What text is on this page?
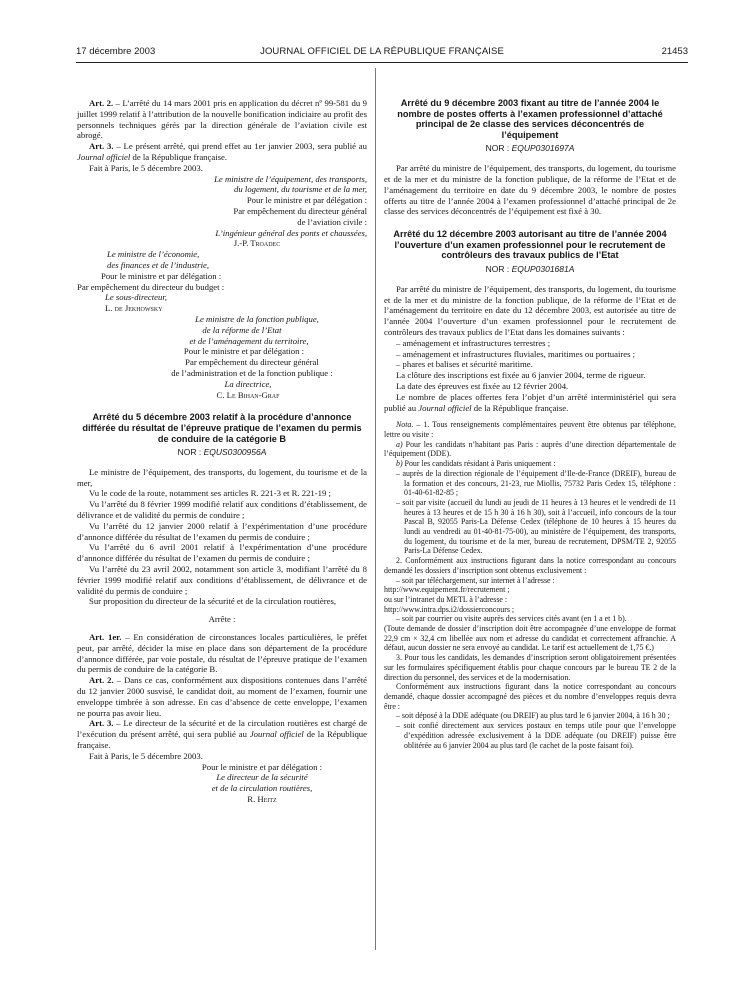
17 décembre 2003	JOURNAL OFFICIEL DE LA RÉPUBLIQUE FRANÇAISE	21453

Art. 2. – L’arrêté du 14 mars 2001 pris en application du décret nº 99-581 du 9 juillet 1999 relatif à l’attribution de la nouvelle bonification indiciaire au profit des personnels techniques gérés par la direction générale de l’aviation civile est abrogé.

Art. 3. – Le présent arrêté, qui prend effet au 1er janvier 2003, sera publié au Journal officiel de la République française.

Fait à Paris, le 5 décembre 2003.

Le ministre de l’équipement, des transports,
du logement, du tourisme et de la mer,
Pour le ministre et par délégation :
Par empêchement du directeur général
de l’aviation civile :
L’ingénieur général des ponts et chaussées,
J.-P. Troadec
Le ministre de l’économie,
des finances et de l’industrie,
Pour le ministre et par délégation :
Par empêchement du directeur du budget :
Le sous-directeur,
L. de Jekhowsky
Le ministre de la fonction publique,
de la réforme de l’Etat
et de l’aménagement du territoire,
Pour le ministre et par délégation :
Par empêchement du directeur général
de l’administration et de la fonction publique :
La directrice,
C. Le Bihan-Graf
Arrêté du 5 décembre 2003 relatif à la procédure d’annonce différée du résultat de l’épreuve pratique de l’examen du permis de conduire de la catégorie B
NOR : EQUS0300956A

Le ministre de l’équipement, des transports, du logement, du tourisme et de la mer,

Vu le code de la route, notamment ses articles R. 221-3 et R. 221-19 ;

Vu l’arrêté du 8 février 1999 modifié relatif aux conditions d’établissement, de délivrance et de validité du permis de conduire ;

Vu l’arrêté du 12 janvier 2000 relatif à l’expérimentation d’une procédure d’annonce différée du résultat de l’examen du permis de conduire ;

Vu l’arrêté du 6 avril 2001 relatif à l’expérimentation d’une procédure d’annonce différée du résultat de l’examen du permis de conduire ;

Vu l’arrêté du 23 avril 2002, notamment son article 3, modifiant l’arrêté du 8 février 1999 modifié relatif aux conditions d’établissement, de délivrance et de validité du permis de conduire ;

Sur proposition du directeur de la sécurité et de la circulation routières,

Arrête :

Art. 1er. – En considération de circonstances locales particulières, le préfet peut, par arrêté, décider la mise en place dans son département de la procédure d’annonce différée, par voie postale, du résultat de l’épreuve pratique de l’examen du permis de conduire de la catégorie B.

Art. 2. – Dans ce cas, conformément aux dispositions contenues dans l’arrêté du 12 janvier 2000 susvisé, le candidat doit, au moment de l’examen, fournir une enveloppe timbrée à son adresse. En cas d’absence de cette enveloppe, l’examen ne pourra pas avoir lieu.

Art. 3. – Le directeur de la sécurité et de la circulation routières est chargé de l’exécution du présent arrêté, qui sera publié au Journal officiel de la République française.

Fait à Paris, le 5 décembre 2003.

Pour le ministre et par délégation :
Le directeur de la sécurité
et de la circulation routières,
R. Heitz
Arrêté du 9 décembre 2003 fixant au titre de l’année 2004 le nombre de postes offerts à l’examen professionnel d’attaché principal de 2e classe des services déconcentrés de l’équipement
NOR : EQUP0301697A

Par arrêté du ministre de l’équipement, des transports, du logement, du tourisme et de la mer et du ministre de la fonction publique, de la réforme de l’Etat et de l’aménagement du territoire en date du 9 décembre 2003, le nombre de postes offerts au titre de l’année 2004 à l’examen professionnel d’attaché principal de 2e classe des services déconcentrés de l’équipement est fixé à 30.

Arrêté du 12 décembre 2003 autorisant au titre de l’année 2004 l’ouverture d’un examen professionnel pour le recrutement de contrôleurs des travaux publics de l’Etat
NOR : EQUP0301681A

Par arrêté du ministre de l’équipement, des transports, du logement, du tourisme et de la mer et du ministre de la fonction publique, de la réforme de l’Etat et de l’aménagement du territoire en date du 12 décembre 2003, est autorisée au titre de l’année 2004 l’ouverture d’un examen professionnel pour le recrutement de contrôleurs des travaux publics de l’Etat dans les domaines suivants :

– aménagement et infrastructures terrestres ;
– aménagement et infrastructures fluviales, maritimes ou portuaires ;
– phares et balises et sécurité maritime.

La clôture des inscriptions est fixée au 6 janvier 2004, terme de rigueur.

La date des épreuves est fixée au 12 février 2004.

Le nombre de places offertes fera l’objet d’un arrêté interministériel qui sera publié au Journal officiel de la République française.

Nota. – 1. Tous renseignements complémentaires peuvent être obtenus par téléphone, lettre ou visite :

a) Pour les candidats n’habitant pas Paris : auprès d’une direction départementale de l’équipement (DDE).

b) Pour les candidats résidant à Paris uniquement :

– auprès de la direction régionale de l’équipement d’Ile-de-France (DREIF), bureau de la formation et des concours, 21-23, rue Miollis, 75732 Paris Cedex 15, téléphone : 01-40-61-82-85 ;
– soit par visite (accueil du lundi au jeudi de 11 heures à 13 heures et le vendredi de 11 heures à 13 heures et de 15 h 30 à 16 h 30), soit à l’accueil, info concours de la tour Pascal B, 92055 Paris-La Défense Cedex (téléphone de 10 heures à 15 heures du lundi au vendredi au 01-40-81-75-00), au ministère de l’équipement, des transports, du logement, du tourisme et de la mer, bureau de recrutement, DPSM/TE 2, 92055 Paris-La Défense Cedex.

2. Conformément aux instructions figurant dans la notice correspondant au concours demandé les dossiers d’inscription sont obtenus exclusivement :

– soit par téléchargement, sur internet à l’adresse :

http://www.equipement.fr/recrutement ;

ou sur l’intranet du METL à l’adresse :

http://www.intra.dps.i2/dossierconcours ;

– soit par courrier ou visite auprès des services cités avant (en 1 a et 1 b).

(Toute demande de dossier d’inscription doit être accompagnée d’une enveloppe de format 22,9 cm × 32,4 cm libellée aux nom et adresse du candidat et correctement affranchie. A défaut, aucun dossier ne sera envoyé au candidat. Le tarif est actuellement de 1,75 €.)

3. Pour tous les candidats, les demandes d’inscription seront obligatoirement présentées sur les formulaires spécifiquement établis pour chaque concours par le bureau TE 2 de la direction du personnel, des services et de la modernisation.

Conformément aux instructions figurant dans la notice correspondant au concours demandé, chaque dossier accompagné des pièces et du nombre d’enveloppes requis devra être :

– soit déposé à la DDE adéquate (ou DREIF) au plus tard le 6 janvier 2004, à 16 h 30 ;
– soit confié directement aux services postaux en temps utile pour que l’enveloppe d’expédition adressée exclusivement à la DDE adéquate (ou DREIF) puisse être oblitérée au 6 janvier 2004 au plus tard (le cachet de la poste faisant foi).
